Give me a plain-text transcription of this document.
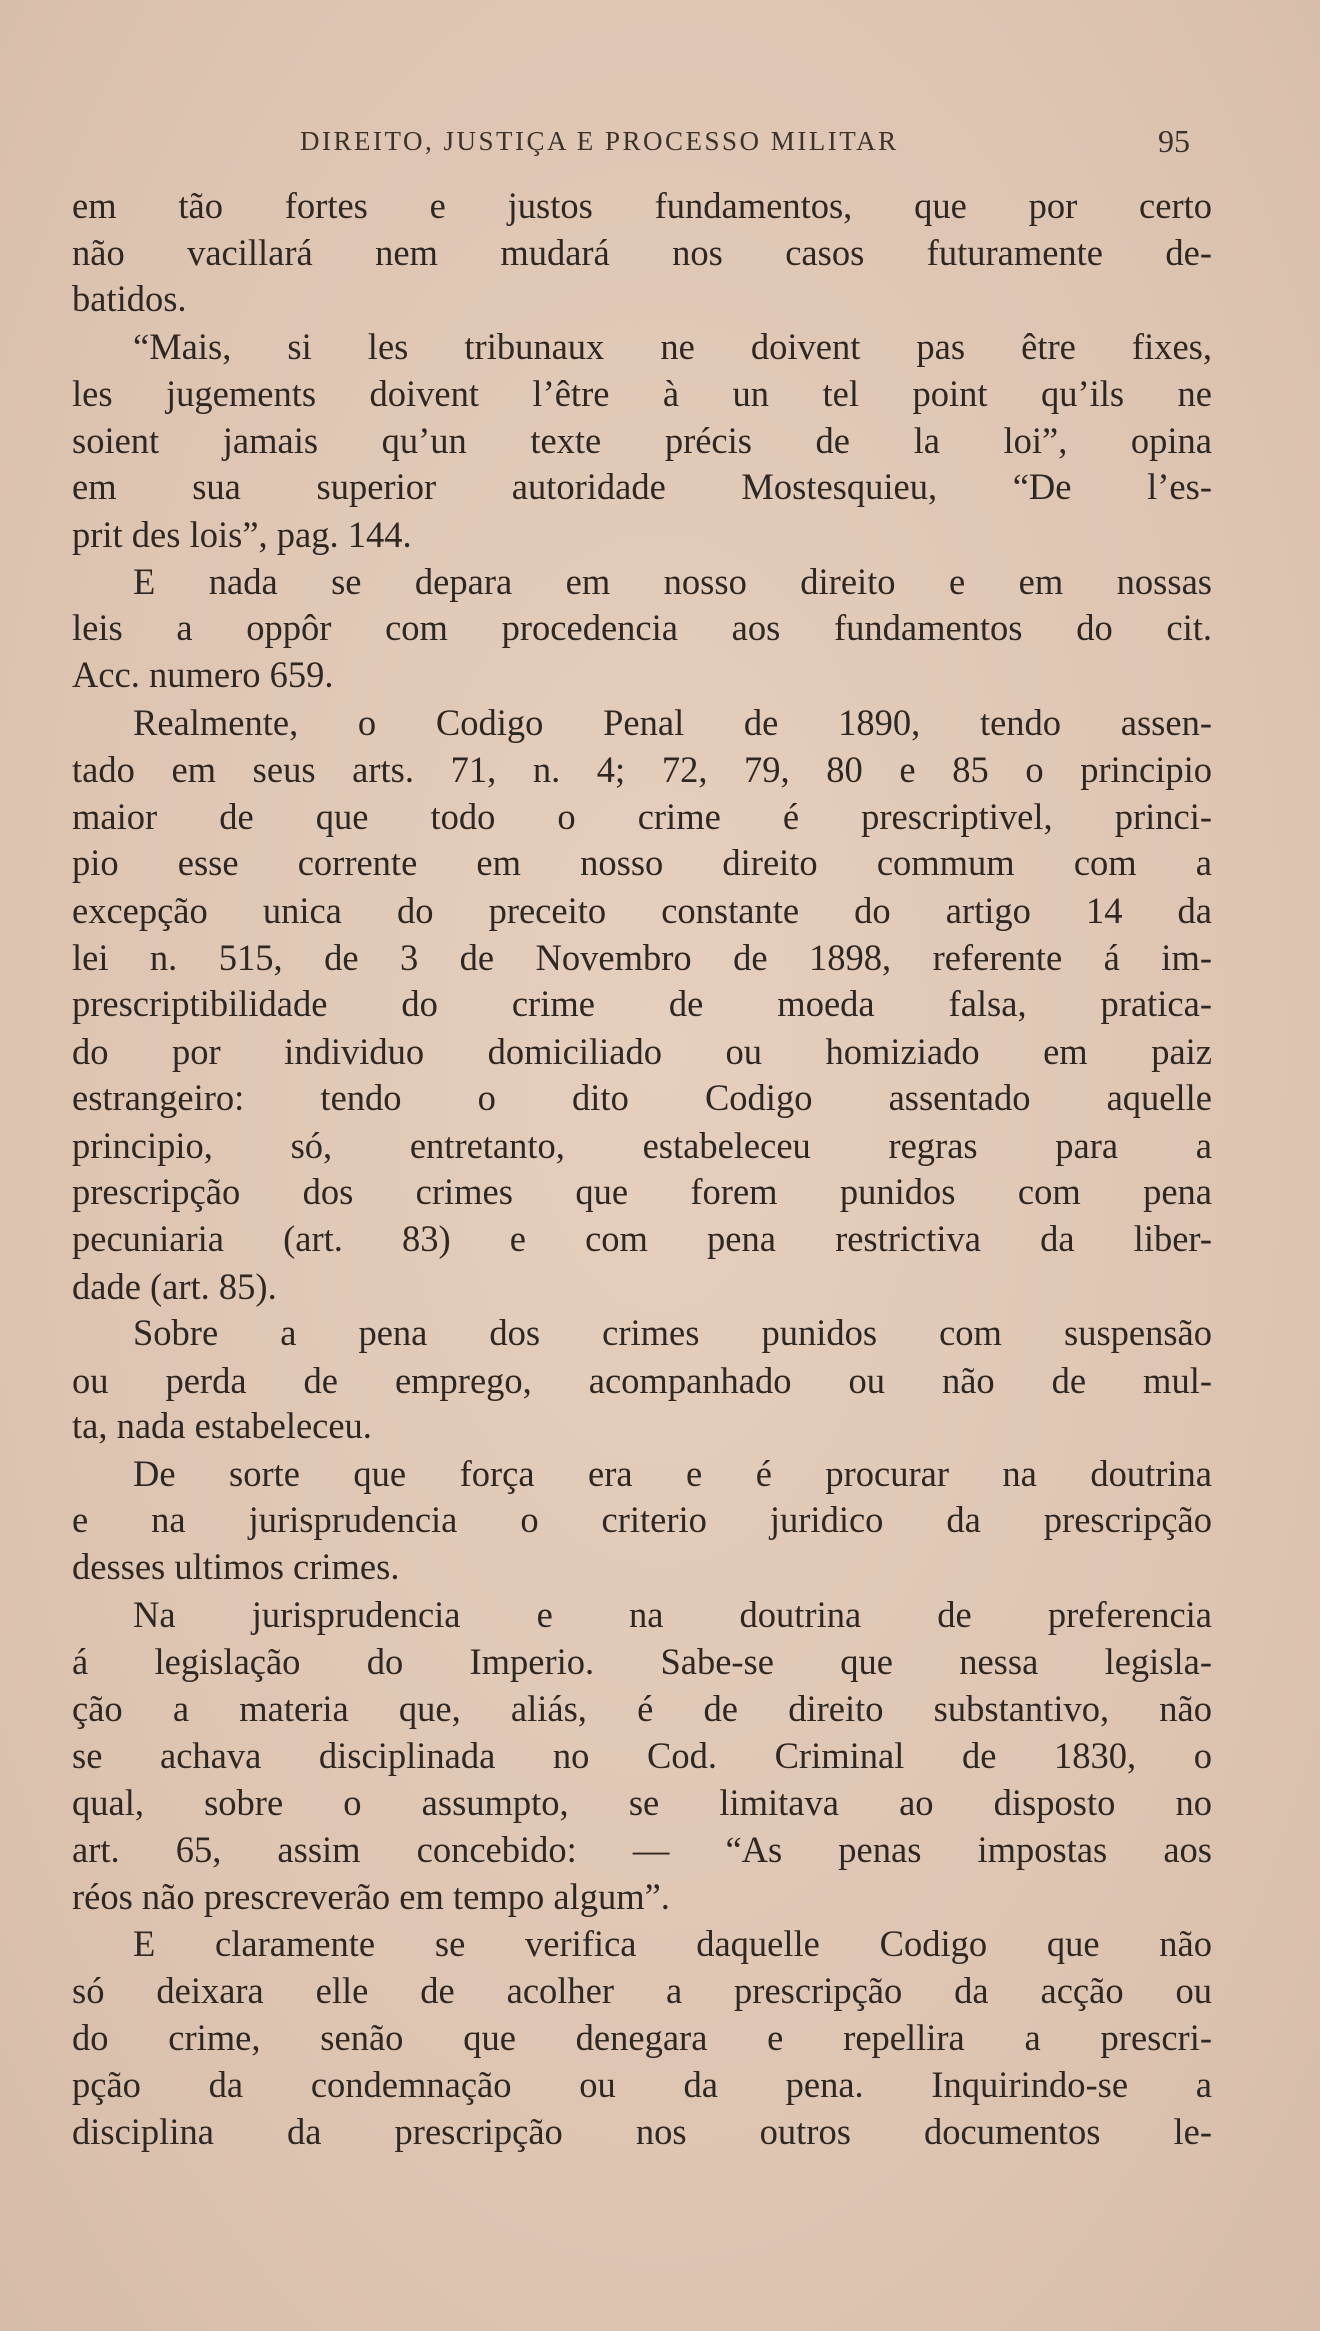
DIREITO, JUSTIÇA E PROCESSO MILITAR	95
em tão fortes e justos fundamentos, que por certo
não vacillará nem mudará nos casos futuramente de-
batidos.
“Mais, si les tribunaux ne doivent pas être fixes,
les jugements doivent l’être à un tel point qu’ils ne
soient jamais qu’un texte précis de la loi”, opina
em sua superior autoridade Mostesquieu, “De l’es-
prit des lois”, pag. 144.
E nada se depara em nosso direito e em nossas
leis a oppôr com procedencia aos fundamentos do cit.
Acc. numero 659.
Realmente, o Codigo Penal de 1890, tendo assen-
tado em seus arts. 71, n. 4; 72, 79, 80 e 85 o principio
maior de que todo o crime é prescriptivel, princi-
pio esse corrente em nosso direito commum com a
excepção unica do preceito constante do artigo 14 da
lei n. 515, de 3 de Novembro de 1898, referente á im-
prescriptibilidade do crime de moeda falsa, pratica-
do por individuo domiciliado ou homiziado em paiz
estrangeiro: tendo o dito Codigo assentado aquelle
principio, só, entretanto, estabeleceu regras para a
prescripção dos crimes que forem punidos com pena
pecuniaria (art. 83) e com pena restrictiva da liber-
dade (art. 85).
Sobre a pena dos crimes punidos com suspensão
ou perda de emprego, acompanhado ou não de mul-
ta, nada estabeleceu.
De sorte que força era e é procurar na doutrina
e na jurisprudencia o criterio juridico da prescripção
desses ultimos crimes.
Na jurisprudencia e na doutrina de preferencia
á legislação do Imperio. Sabe-se que nessa legisla-
ção a materia que, aliás, é de direito substantivo, não
se achava disciplinada no Cod. Criminal de 1830, o
qual, sobre o assumpto, se limitava ao disposto no
art. 65, assim concebido: — “As penas impostas aos
réos não prescreverão em tempo algum”.
E claramente se verifica daquelle Codigo que não
só deixara elle de acolher a prescripção da acção ou
do crime, senão que denegara e repellira a prescri-
pção da condemnação ou da pena. Inquirindo-se a
disciplina da prescripção nos outros documentos le-
